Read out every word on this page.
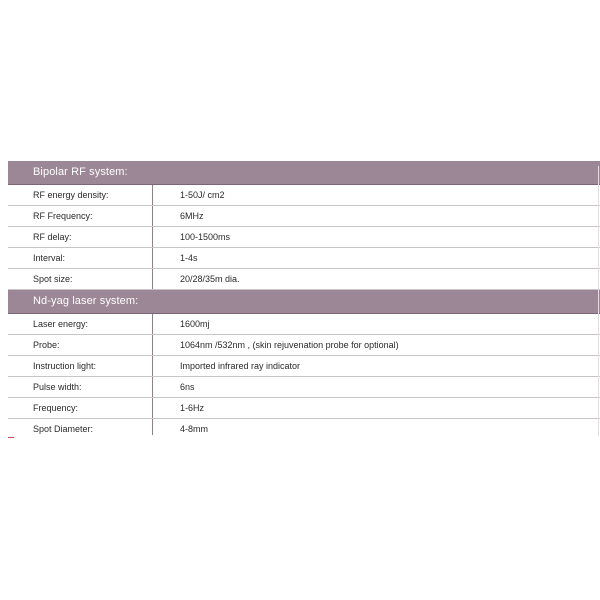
Bipolar RF system:
RF energy density:	1-50J/ cm2
RF Frequency:	6MHz
RF delay:	100-1500ms
Interval:	1-4s
Spot size:	20/28/35m dia.
Nd-yag laser system:
Laser energy:	1600mj
Probe:	1064nm /532nm , (skin rejuvenation probe for optional)
Instruction light:	Imported infrared ray indicator
Pulse width:	6ns
Frequency:	1-6Hz
Spot Diameter:	4-8mm
